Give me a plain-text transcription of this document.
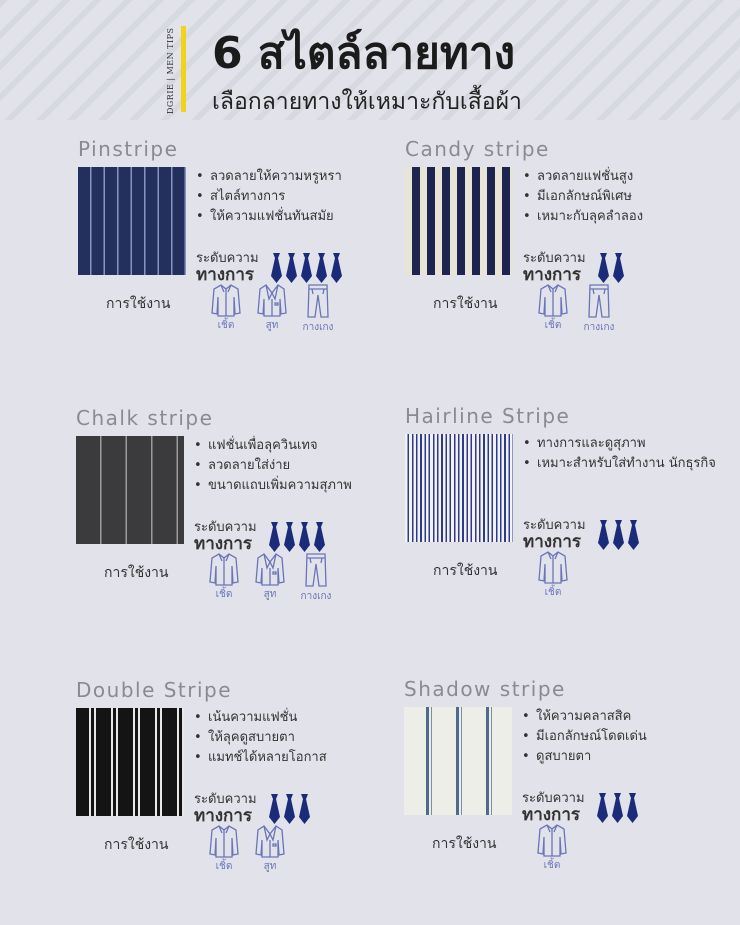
DGRIE | MEN TIPS 6 สไตล์ลายทาง
เลือกลายทางให้เหมาะกับเสื้อผ้า
Pinstripe
• ลวดลายให้ความหรูหรา
• สไตล์ทางการ
• ให้ความแฟชั่นทันสมัย
ระดับความ
ทางการ
การใช้งาน
เชิ้ต	สูท	กางเกง
Candy stripe
• ลวดลายแฟชั่นสูง
• มีเอกลักษณ์พิเศษ
• เหมาะกับลุคลำลอง
ระดับความ
ทางการ
การใช้งาน
เชิ้ต	กางเกง
Chalk stripe
• แฟชั่นเพื่อลุควินเทจ
• ลวดลายใส่ง่าย
• ขนาดแถบเพิ่มความสุภาพ
ระดับความ
ทางการ
การใช้งาน
เชิ้ต	สูท	กางเกง
Hairline Stripe
• ทางการและดูสุภาพ
• เหมาะสำหรับใส่ทำงาน นักธุรกิจ
ระดับความ
ทางการ
การใช้งาน
เชิ้ต
Double Stripe
• เน้นความแฟชั่น
• ให้ลุคดูสบายตา
• แมทช์ได้หลายโอกาส
ระดับความ
ทางการ
การใช้งาน
เชิ้ต	สูท
Shadow stripe
• ให้ความคลาสสิค
• มีเอกลักษณ์โดดเด่น
• ดูสบายตา
ระดับความ
ทางการ
การใช้งาน
เชิ้ต
